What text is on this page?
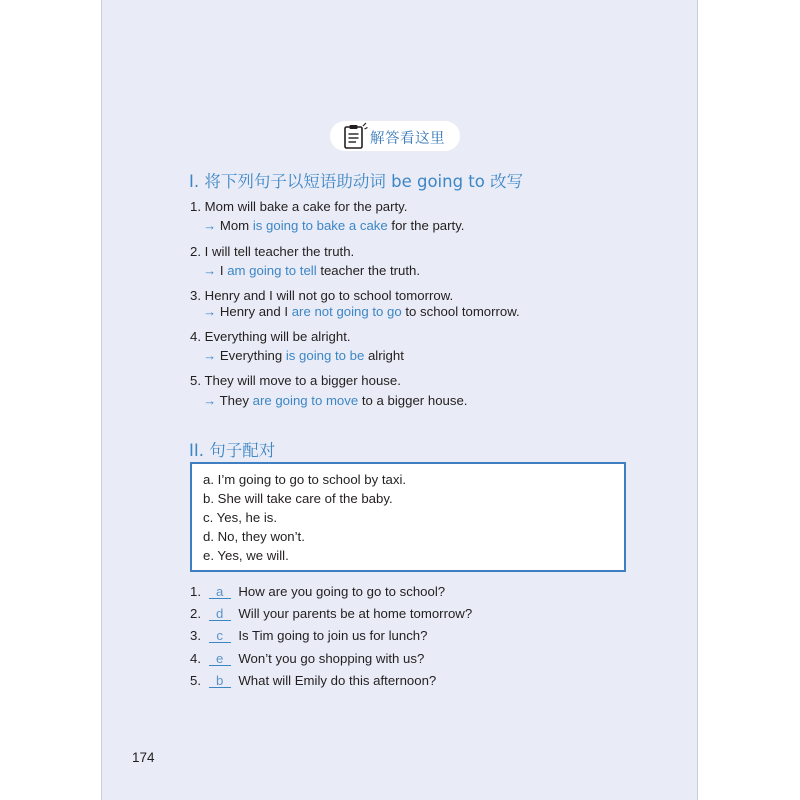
解答看这里
I. 将下列句子以短语助动词 be going to 改写
1. Mom will bake a cake for the party.
→ Mom is going to bake a cake for the party.
2. I will tell teacher the truth.
→ I am going to tell teacher the truth.
3. Henry and I will not go to school tomorrow.
→ Henry and I are not going to go to school tomorrow.
4. Everything will be alright.
→ Everything is going to be alright
5. They will move to a bigger house.
→ They are going to move to a bigger house.
II. 句子配对
a. I’m going to go to school by taxi.
b. She will take care of the baby.
c. Yes, he is.
d. No, they won’t.
e. Yes, we will.
1. a How are you going to go to school?
2. d Will your parents be at home tomorrow?
3. c Is Tim going to join us for lunch?
4. e Won’t you go shopping with us?
5. b What will Emily do this afternoon?
174
